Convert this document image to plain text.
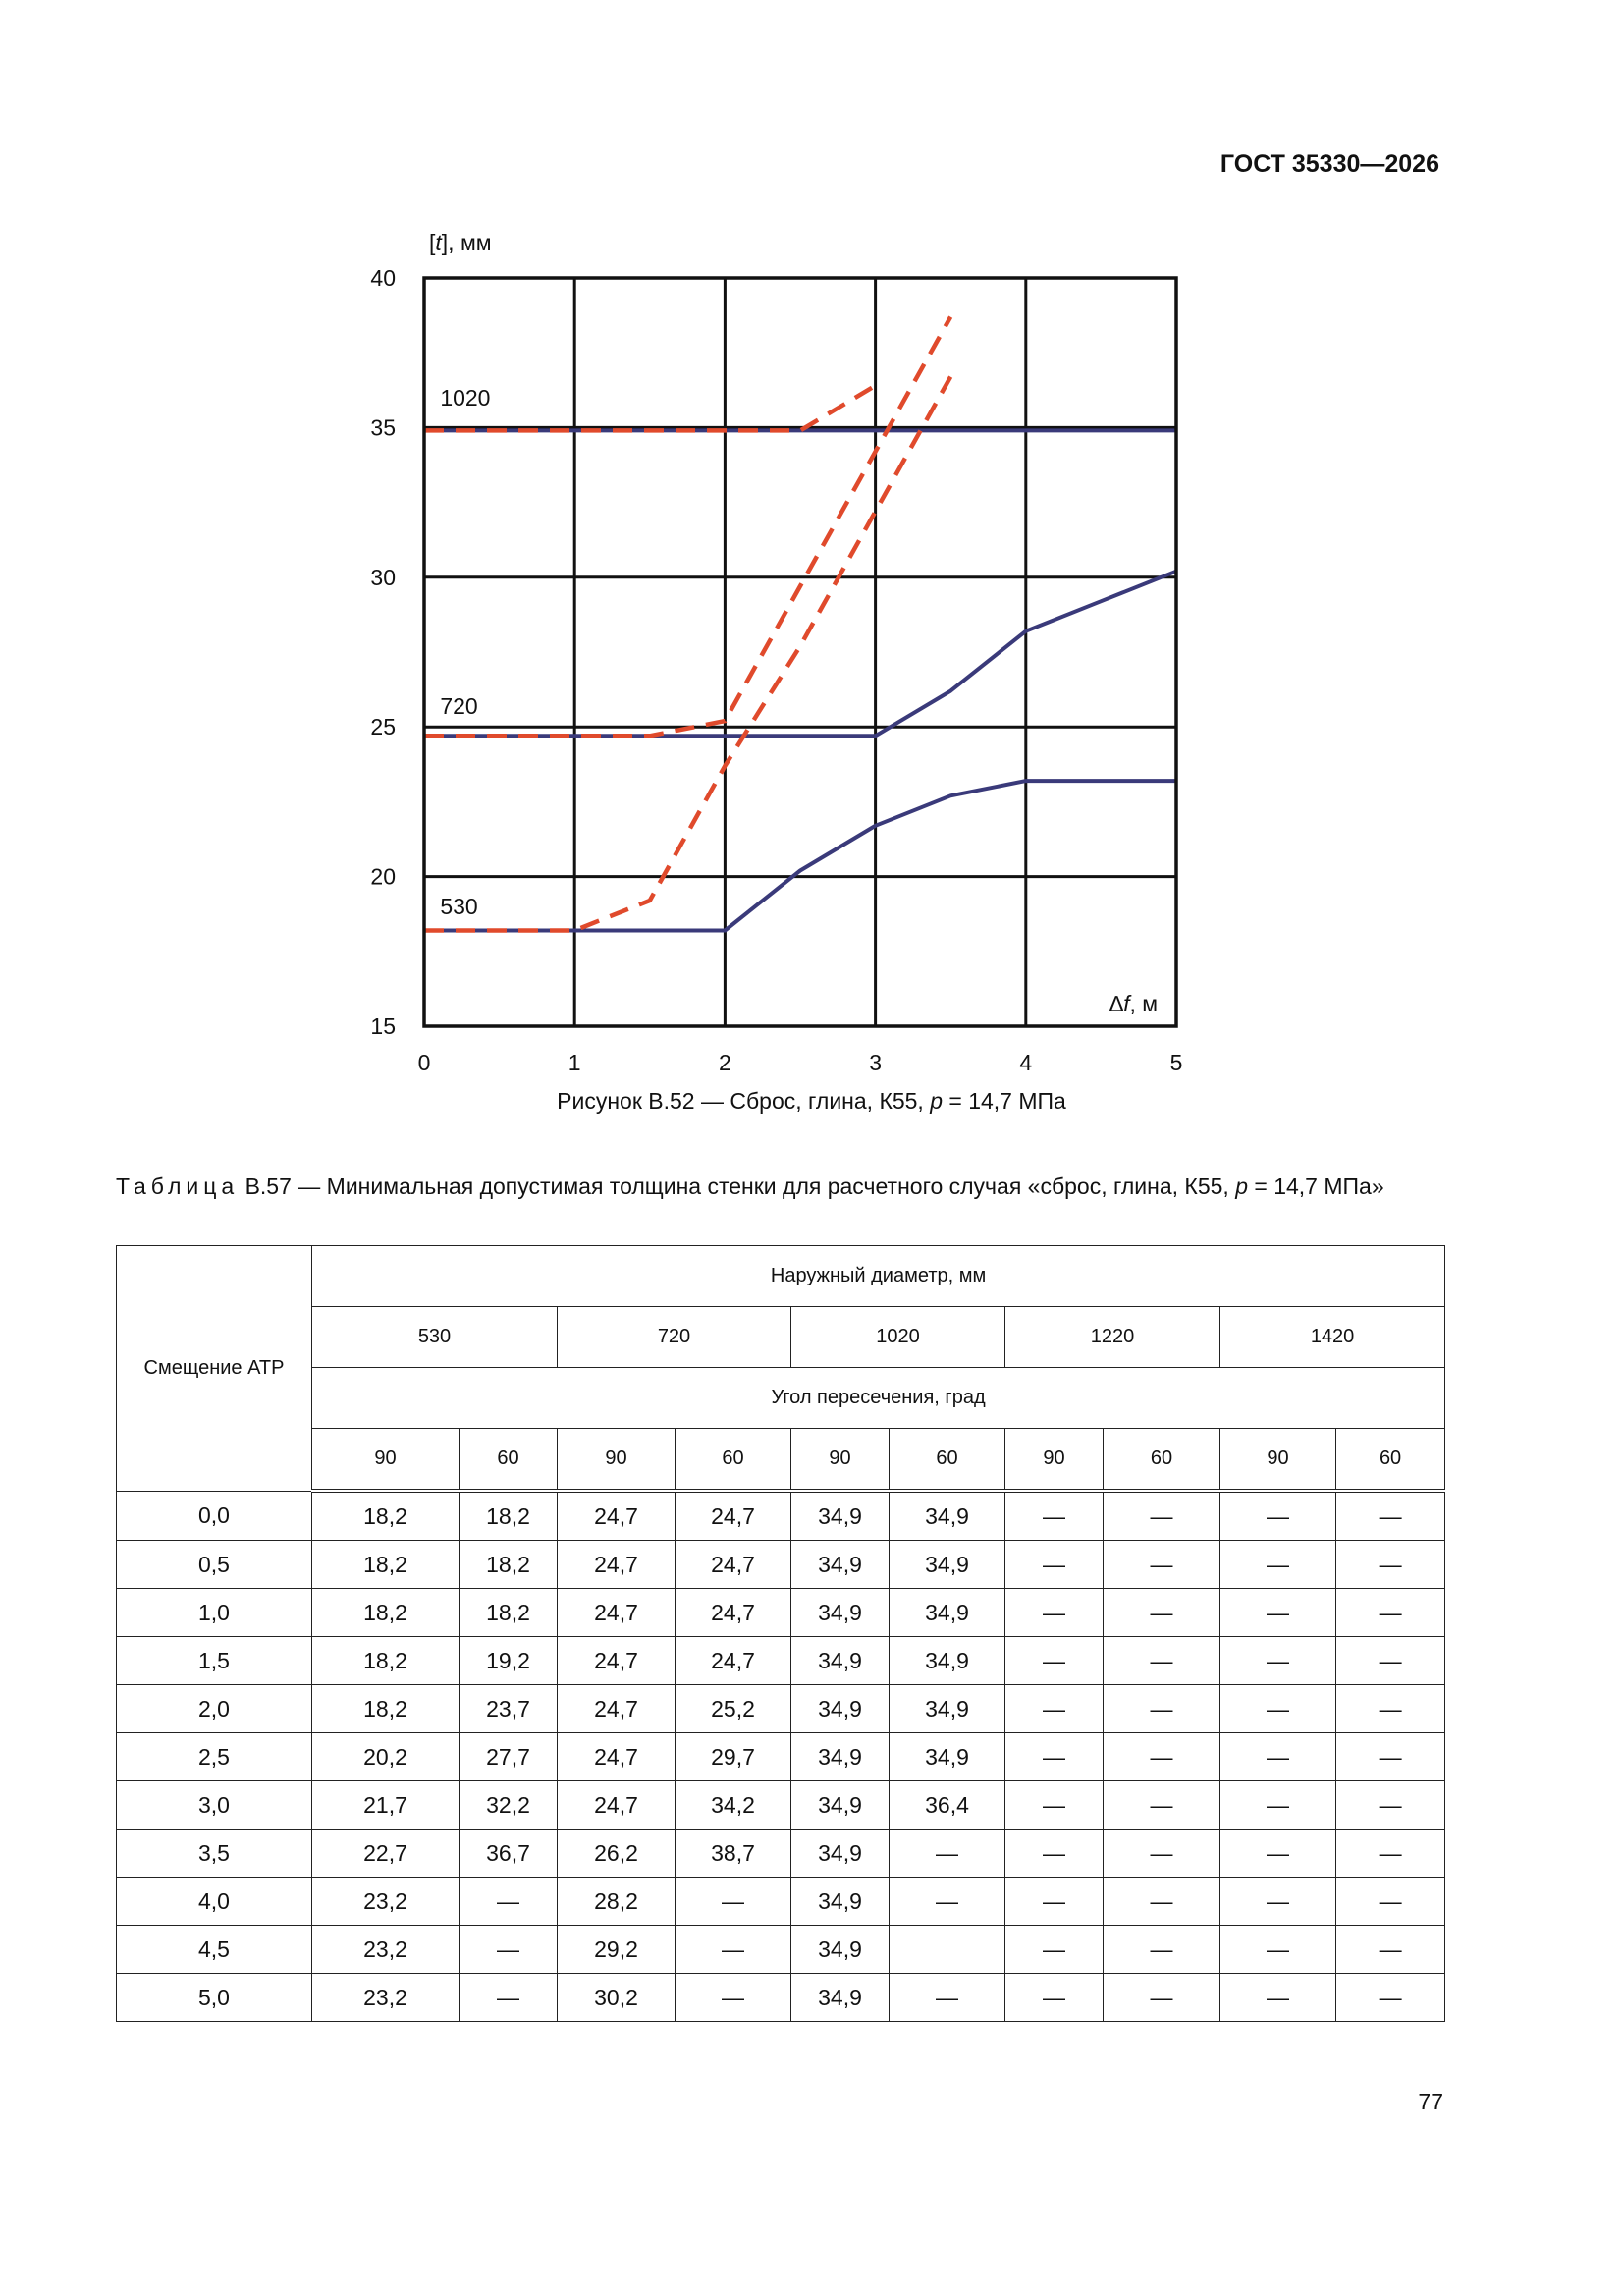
ГОСТ 35330—2026
0	1	2	3	4	5
15
20
25
30
35
40
1020
720
530
[t], мм
∆f, м
Рисунок В.52 — Сброс, глина, К55, p = 14,7 МПа
Таблица В.57 — Минимальная допустимая толщина стенки для расчетного случая «сброс, глина, К55, p = 14,7 МПа»
Смещение АТР	Наружный диаметр, мм									
	530		720		1020		1220		1420	
	Угол пересечения, град									
	90	60	90	60	90	60	90	60	90	60
0,0	18,2	18,2	24,7	24,7	34,9	34,9	—	—	—	—
0,5	18,2	18,2	24,7	24,7	34,9	34,9	—	—	—	—
1,0	18,2	18,2	24,7	24,7	34,9	34,9	—	—	—	—
1,5	18,2	19,2	24,7	24,7	34,9	34,9	—	—	—	—
2,0	18,2	23,7	24,7	25,2	34,9	34,9	—	—	—	—
2,5	20,2	27,7	24,7	29,7	34,9	34,9	—	—	—	—
3,0	21,7	32,2	24,7	34,2	34,9	36,4	—	—	—	—
3,5	22,7	36,7	26,2	38,7	34,9	—	—	—	—	—
4,0	23,2	—	28,2	—	34,9	—	—	—	—	—
4,5	23,2	—	29,2	—	34,9		—	—	—	—
5,0	23,2	—	30,2	—	34,9	—	—	—	—	—
77
